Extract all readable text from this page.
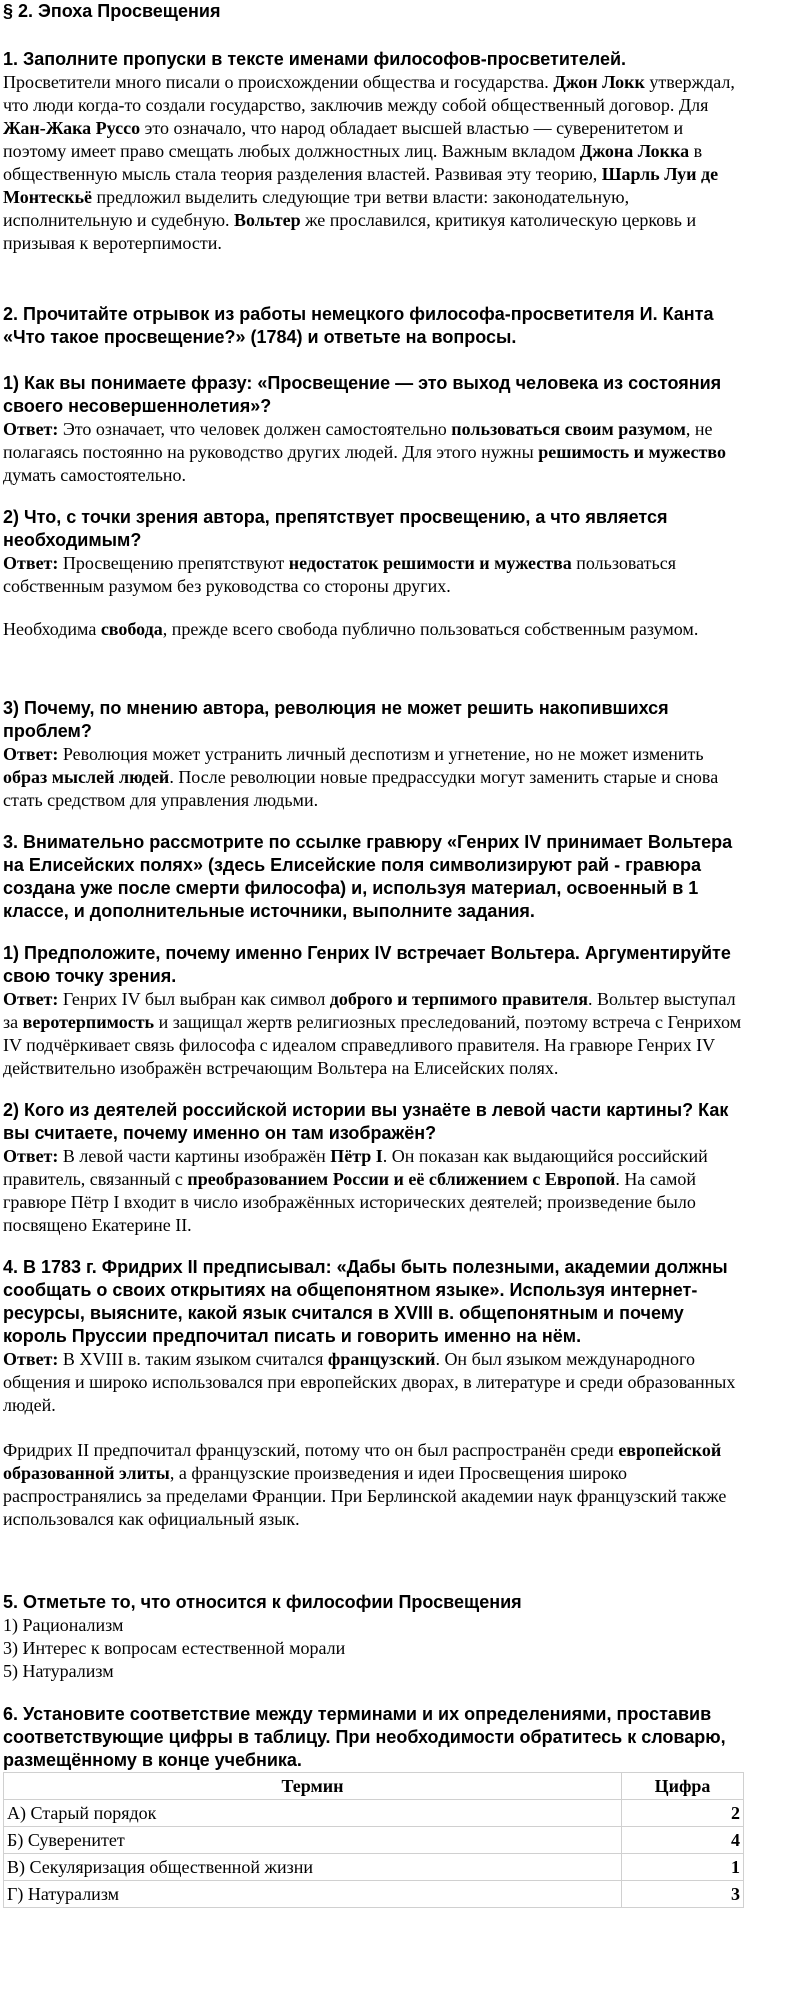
§ 2. Эпоха Просвещения
1. Заполните пропуски в тексте именами философов-просветителей.

Просветители много писали о происхождении общества и государства. Джон Локк утверждал, что люди когда-то создали государство, заключив между собой общественный договор. Для Жан-Жака Руссо это означало, что народ обладает высшей властью — суверенитетом и поэтому имеет право смещать любых должностных лиц. Важным вкладом Джона Локка в общественную мысль стала теория разделения властей. Развивая эту теорию, Шарль Луи де Монтескьё предложил выделить следующие три ветви власти: законодательную, исполнительную и судебную. Вольтер же прославился, критикуя католическую церковь и призывая к веротерпимости.

2. Прочитайте отрывок из работы немецкого философа-просветителя И. Канта «Что такое просвещение?» (1784) и ответьте на вопросы.
1) Как вы понимаете фразу: «Просвещение — это выход человека из состояния своего несовершеннолетия»?

Ответ: Это означает, что человек должен самостоятельно пользоваться своим разумом, не полагаясь постоянно на руководство других людей. Для этого нужны решимость и мужество думать самостоятельно.

2) Что, с точки зрения автора, препятствует просвещению, а что является необходимым?

Ответ: Просвещению препятствуют недостаток решимости и мужества пользоваться собственным разумом без руководства со стороны других.

Необходима свобода, прежде всего свобода публично пользоваться собственным разумом.

3) Почему, по мнению автора, революция не может решить накопившихся проблем?

Ответ: Революция может устранить личный деспотизм и угнетение, но не может изменить образ мыслей людей. После революции новые предрассудки могут заменить старые и снова стать средством для управления людьми.

3. Внимательно рассмотрите по ссылке гравюру «Генрих IV принимает Вольтера на Елисейских полях» (здесь Елисейские поля символизируют рай - гравюра создана уже после смерти философа) и, используя материал, освоенный в 1 классе, и дополнительные источники, выполните задания.
1) Предположите, почему именно Генрих IV встречает Вольтера. Аргументируйте свою точку зрения.

Ответ: Генрих IV был выбран как символ доброго и терпимого правителя. Вольтер выступал за веротерпимость и защищал жертв религиозных преследований, поэтому встреча с Генрихом IV подчёркивает связь философа с идеалом справедливого правителя. На гравюре Генрих IV действительно изображён встречающим Вольтера на Елисейских полях.

2) Кого из деятелей российской истории вы узнаёте в левой части картины? Как вы считаете, почему именно он там изображён?

Ответ: В левой части картины изображён Пётр I. Он показан как выдающийся российский правитель, связанный с преобразованием России и её сближением с Европой. На самой гравюре Пётр I входит в число изображённых исторических деятелей; произведение было посвящено Екатерине II.

4. В 1783 г. Фридрих II предписывал: «Дабы быть полезными, академии должны сообщать о своих открытиях на общепонятном языке». Используя интернет-ресурсы, выясните, какой язык считался в XVIII в. общепонятным и почему король Пруссии предпочитал писать и говорить именно на нём.

Ответ: В XVIII в. таким языком считался французский. Он был языком международного общения и широко использовался при европейских дворах, в литературе и среди образованных людей.

Фридрих II предпочитал французский, потому что он был распространён среди европейской образованной элиты, а французские произведения и идеи Просвещения широко распространялись за пределами Франции. При Берлинской академии наук французский также использовался как официальный язык.

5. Отметьте то, что относится к философии Просвещения
1) Рационализм
3) Интерес к вопросам естественной морали
5) Натурализм
6. Установите соответствие между терминами и их определениями, проставив соответствующие цифры в таблицу. При необходимости обратитесь к словарю, размещённому в конце учебника.
Термин	Цифра
А) Старый порядок	2
Б) Суверенитет	4
В) Секуляризация общественной жизни	1
Г) Натурализм	3
